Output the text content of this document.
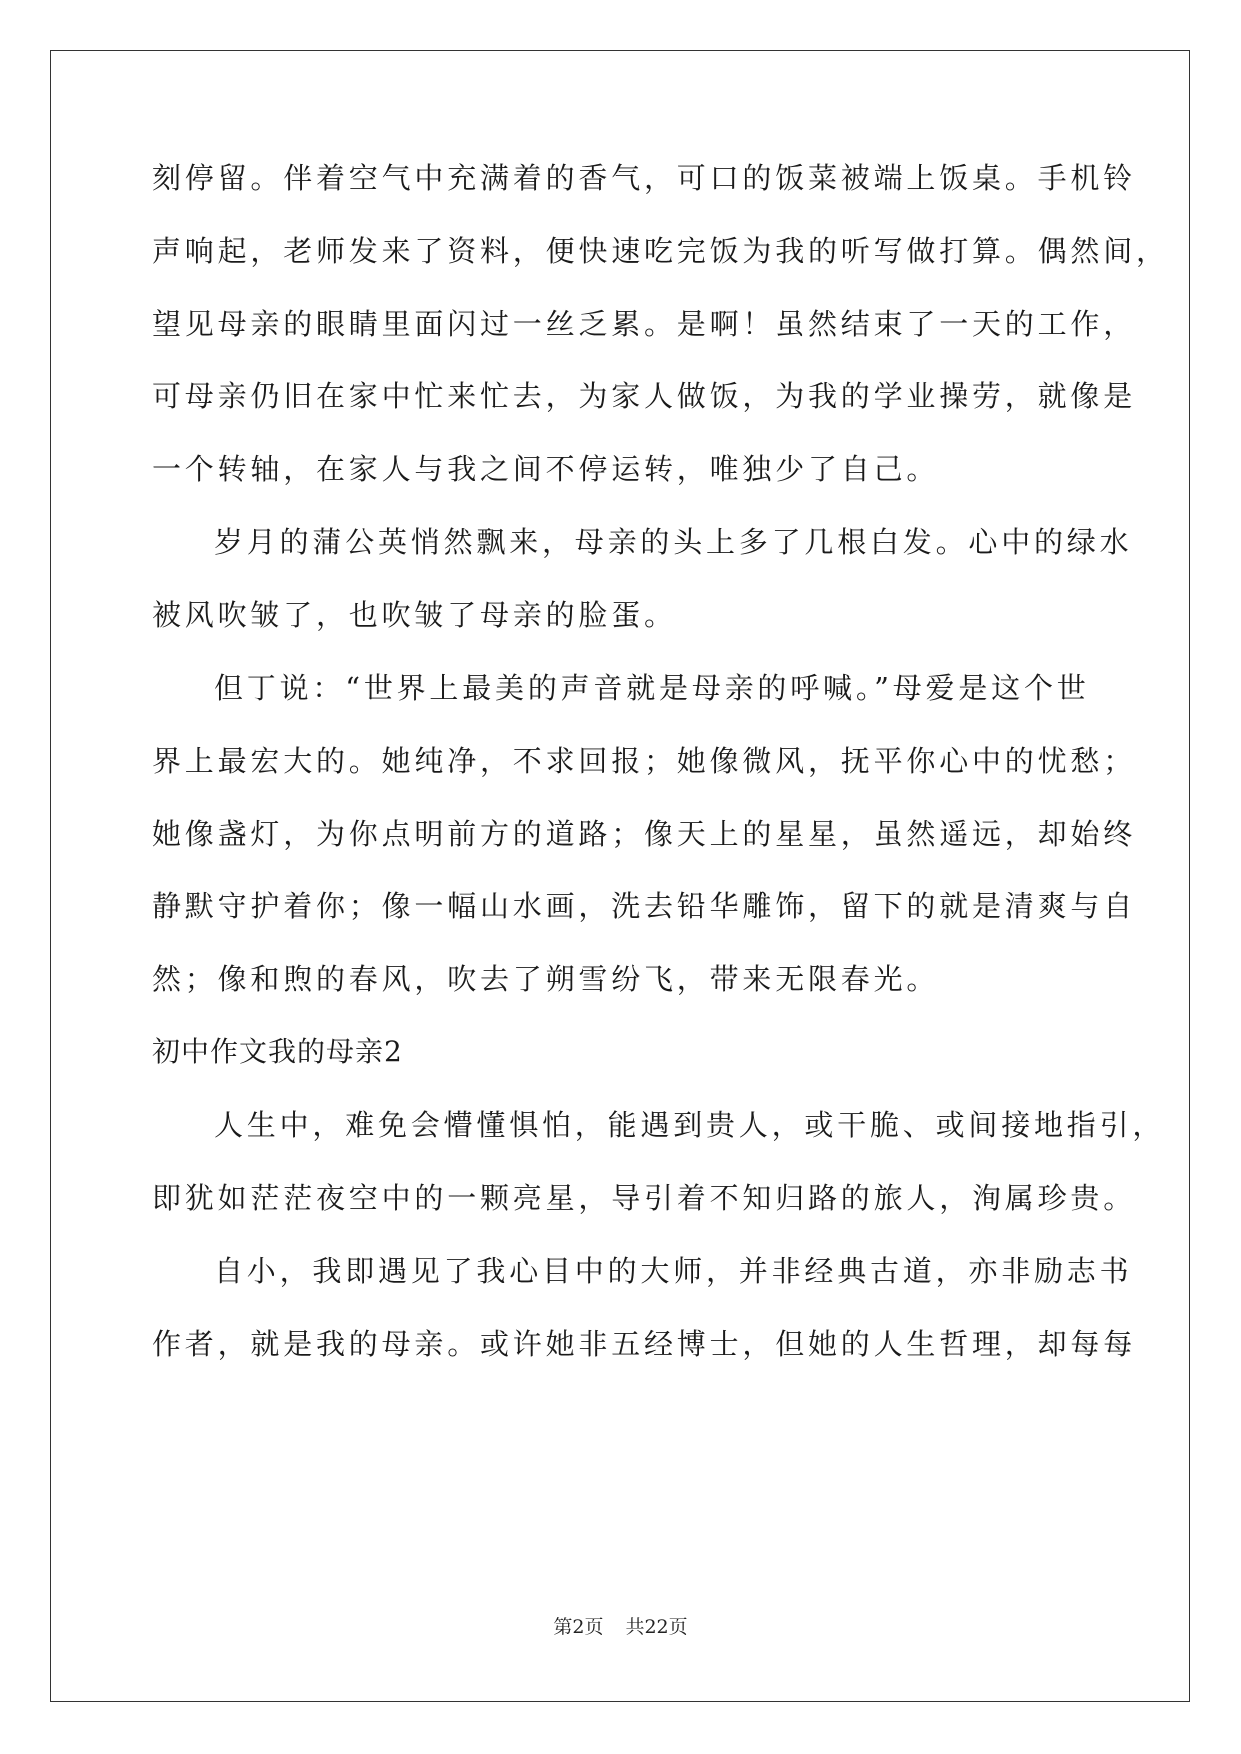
刻停留。伴着空气中充满着的香气，可口的饭菜被端上饭桌。手机铃
声响起，老师发来了资料，便快速吃完饭为我的听写做打算。偶然间，
望见母亲的眼睛里面闪过一丝乏累。是啊！虽然结束了一天的工作，
可母亲仍旧在家中忙来忙去，为家人做饭，为我的学业操劳，就像是
一个转轴，在家人与我之间不停运转，唯独少了自己。
岁月的蒲公英悄然飘来，母亲的头上多了几根白发。心中的绿水
被风吹皱了，也吹皱了母亲的脸蛋。
但丁说：“世界上最美的声音就是母亲的呼喊。”母爱是这个世
界上最宏大的。她纯净，不求回报；她像微风，抚平你心中的忧愁；
她像盏灯，为你点明前方的道路；像天上的星星，虽然遥远，却始终
静默守护着你；像一幅山水画，洗去铅华雕饰，留下的就是清爽与自
然；像和煦的春风，吹去了朔雪纷飞，带来无限春光。
初中作文我的母亲2
人生中，难免会懵懂惧怕，能遇到贵人，或干脆、或间接地指引，
即犹如茫茫夜空中的一颗亮星，导引着不知归路的旅人，洵属珍贵。
自小，我即遇见了我心目中的大师，并非经典古道，亦非励志书
作者，就是我的母亲。或许她非五经博士，但她的人生哲理，却每每
第2页 共22页
